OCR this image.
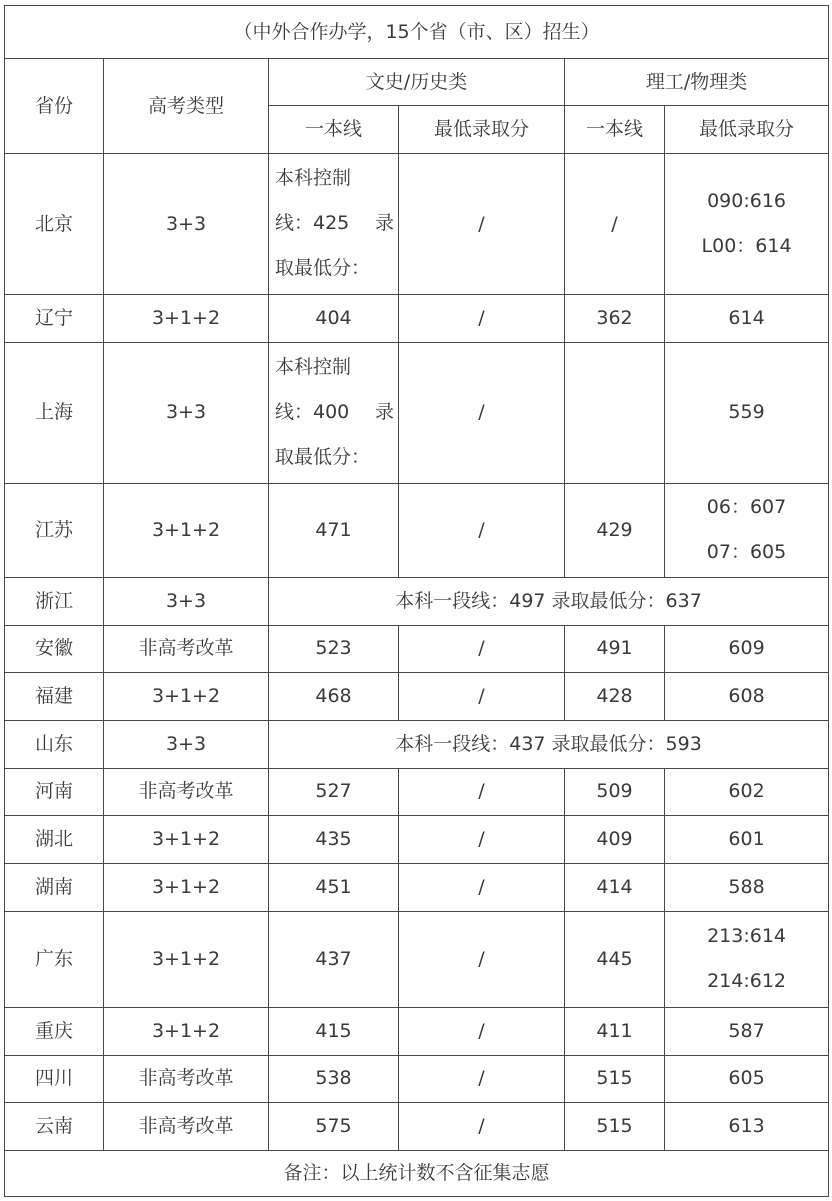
（中外合作办学，15个省（市、区）招生）					
省份	高考类型	文史/历史类		理工/物理类	
		一本线	最低录取分	一本线	最低录取分
北京	3+3	本科控制
线：425 录
取最低分：	/	/	090:616
L00：614

辽宁	3+1+2	404	/	362	614
上海	3+3	本科控制
线：400 录
取最低分：	/		559
江苏	3+1+2	471	/	429	06：607
07：605

浙江	3+3	本科一段线：497 录取最低分：637			
安徽	非高考改革	523	/	491	609
福建	3+1+2	468	/	428	608
山东	3+3	本科一段线：437 录取最低分：593			
河南	非高考改革	527	/	509	602
湖北	3+1+2	435	/	409	601
湖南	3+1+2	451	/	414	588
广东	3+1+2	437	/	445	213:614
214:612

重庆	3+1+2	415	/	411	587
四川	非高考改革	538	/	515	605
云南	非高考改革	575	/	515	613
备注：以上统计数不含征集志愿					
